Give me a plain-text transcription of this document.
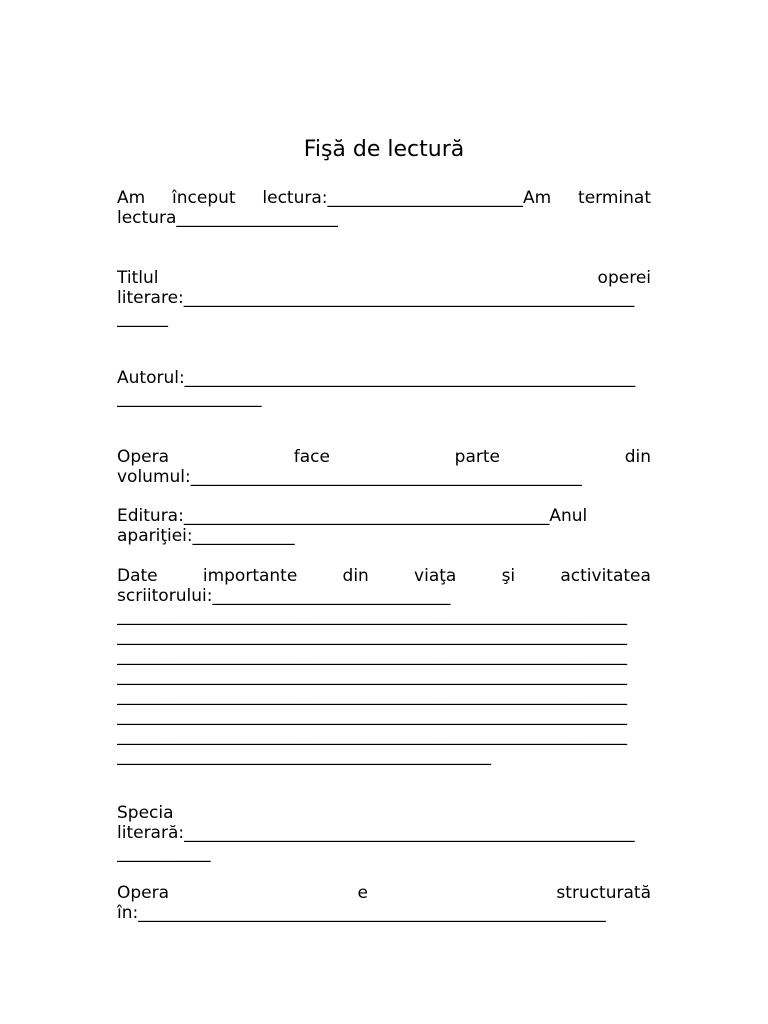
Fişă de lectură
Am început lectura:_______________________Am terminat
lectura___________________
Titlul	operei
literare:_____________________________________________________
______
Autorul:_____________________________________________________
_________________
Opera	face	parte	din
volumul:______________________________________________
Editura:___________________________________________Anul
apariţiei:____________
Date	importante	din	viaţa	şi	activitatea
scriitorului:____________________________
____________________________________________________________
____________________________________________________________
____________________________________________________________
____________________________________________________________
____________________________________________________________
____________________________________________________________
____________________________________________________________
____________________________________________
Specia
literară:_____________________________________________________
___________
Opera	e	structurată
în:_______________________________________________________
